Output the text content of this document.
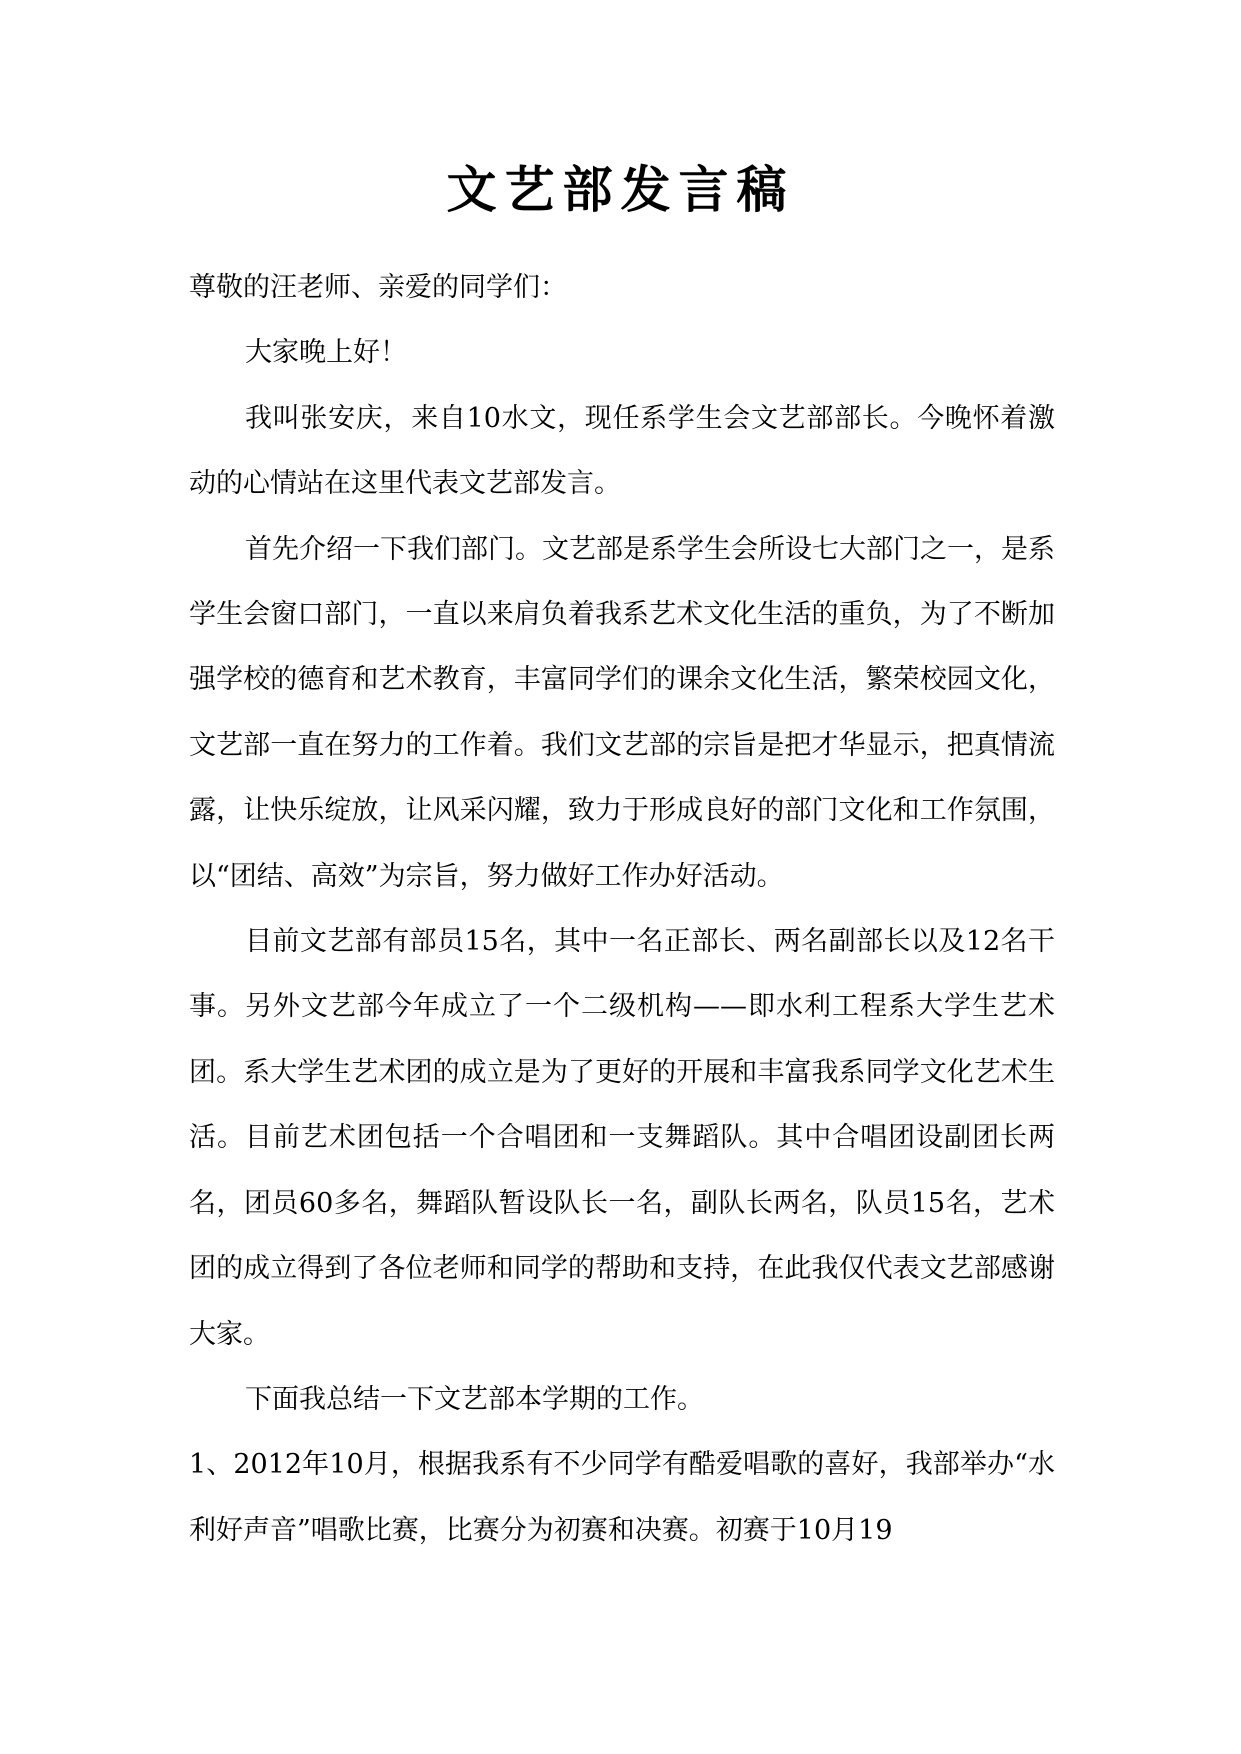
文艺部发言稿

尊敬的汪老师、亲爱的同学们：

大家晚上好！

我叫张安庆，来自10水文，现任系学生会文艺部部长。今晚怀着激动的心情站在这里代表文艺部发言。

首先介绍一下我们部门。文艺部是系学生会所设七大部门之一，是系学生会窗口部门，一直以来肩负着我系艺术文化生活的重负，为了不断加强学校的德育和艺术教育，丰富同学们的课余文化生活，繁荣校园文化，文艺部一直在努力的工作着。我们文艺部的宗旨是把才华显示，把真情流露，让快乐绽放，让风采闪耀，致力于形成良好的部门文化和工作氛围，以“团结、高效”为宗旨，努力做好工作办好活动。

目前文艺部有部员15名，其中一名正部长、两名副部长以及12名干事。另外文艺部今年成立了一个二级机构——即水利工程系大学生艺术团。系大学生艺术团的成立是为了更好的开展和丰富我系同学文化艺术生活。目前艺术团包括一个合唱团和一支舞蹈队。其中合唱团设副团长两名，团员60多名，舞蹈队暂设队长一名，副队长两名，队员15名，艺术团的成立得到了各位老师和同学的帮助和支持，在此我仅代表文艺部感谢大家。

下面我总结一下文艺部本学期的工作。

1、2012年10月，根据我系有不少同学有酷爱唱歌的喜好，我部举办“水利好声音”唱歌比赛，比赛分为初赛和决赛。初赛于10月19
